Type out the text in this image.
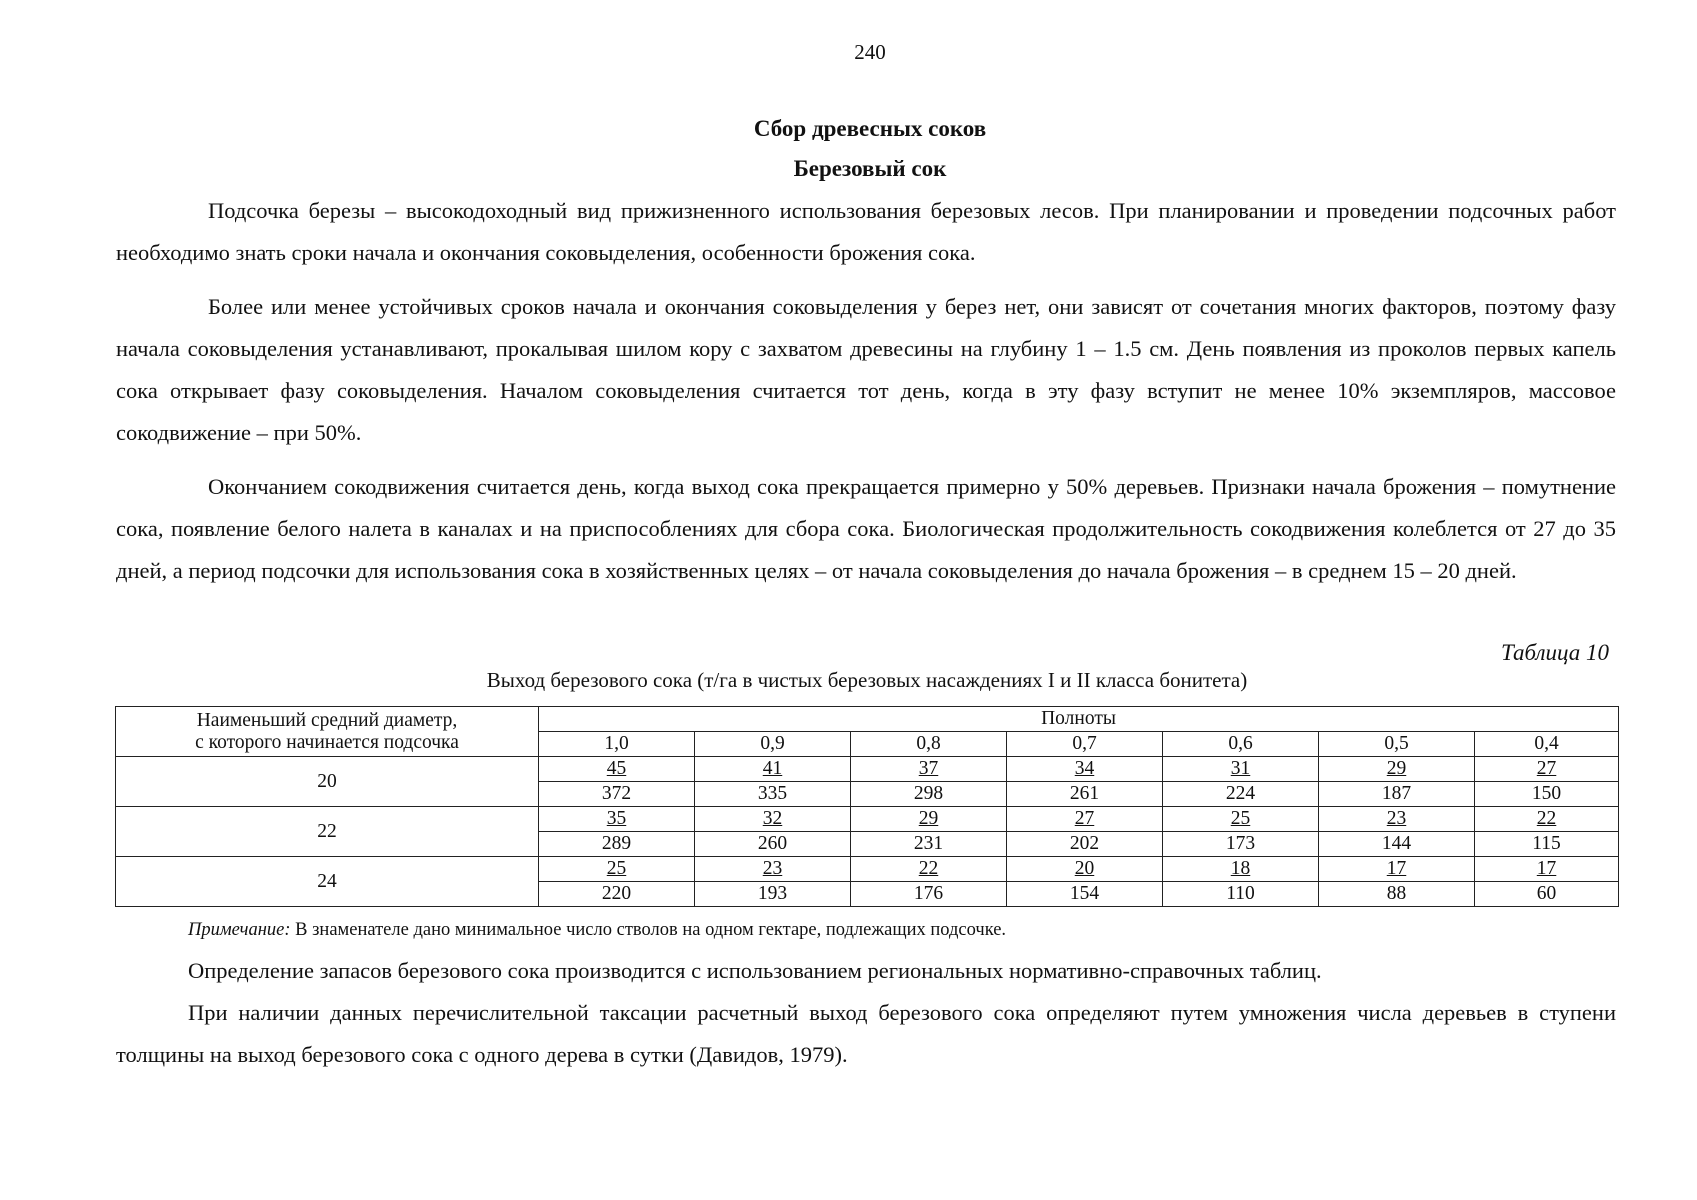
240
Сбор древесных соков
Березовый сок

Подсочка березы – высокодоходный вид прижизненного использования березовых лесов. При планировании и проведении подсочных работ необходимо знать сроки начала и окончания соковыделения, особенности брожения сока.

Более или менее устойчивых сроков начала и окончания соковыделения у берез нет, они зависят от сочетания многих факторов, поэтому фазу начала соковыделения устанавливают, прокалывая шилом кору с захватом древесины на глубину 1 – 1.5 см. День появления из проколов первых капель сока открывает фазу соковыделения. Началом соковыделения считается тот день, когда в эту фазу вступит не менее 10% экземпляров, массовое сокодвижение – при 50%.

Окончанием сокодвижения считается день, когда выход сока прекращается примерно у 50% деревьев. Признаки начала брожения – помутнение сока, появление белого налета в каналах и на приспособлениях для сбора сока. Биологическая продолжительность сокодвижения колеблется от 27 до 35 дней, а период подсочки для использования сока в хозяйственных целях – от начала соковыделения до начала брожения – в среднем 15 – 20 дней.

Таблица 10
Выход березового сока (т/га в чистых березовых насаждениях I и II класса бонитета)
Наименьший средний диаметр,
с которого начинается подсочка	Полноты						
	1,0	0,9	0,8	0,7	0,6	0,5	0,4
20	45	41	37	34	31	29	27
	372	335	298	261	224	187	150
22	35	32	29	27	25	23	22
	289	260	231	202	173	144	115
24	25	23	22	20	18	17	17
	220	193	176	154	110	88	60
Примечание: В знаменателе дано минимальное число стволов на одном гектаре, подлежащих подсочке.

Определение запасов березового сока производится с использованием региональных нормативно-справочных таблиц.

При наличии данных перечислительной таксации расчетный выход березового сока определяют путем умножения числа деревьев в ступени толщины на выход березового сока с одного дерева в сутки (Давидов, 1979).
